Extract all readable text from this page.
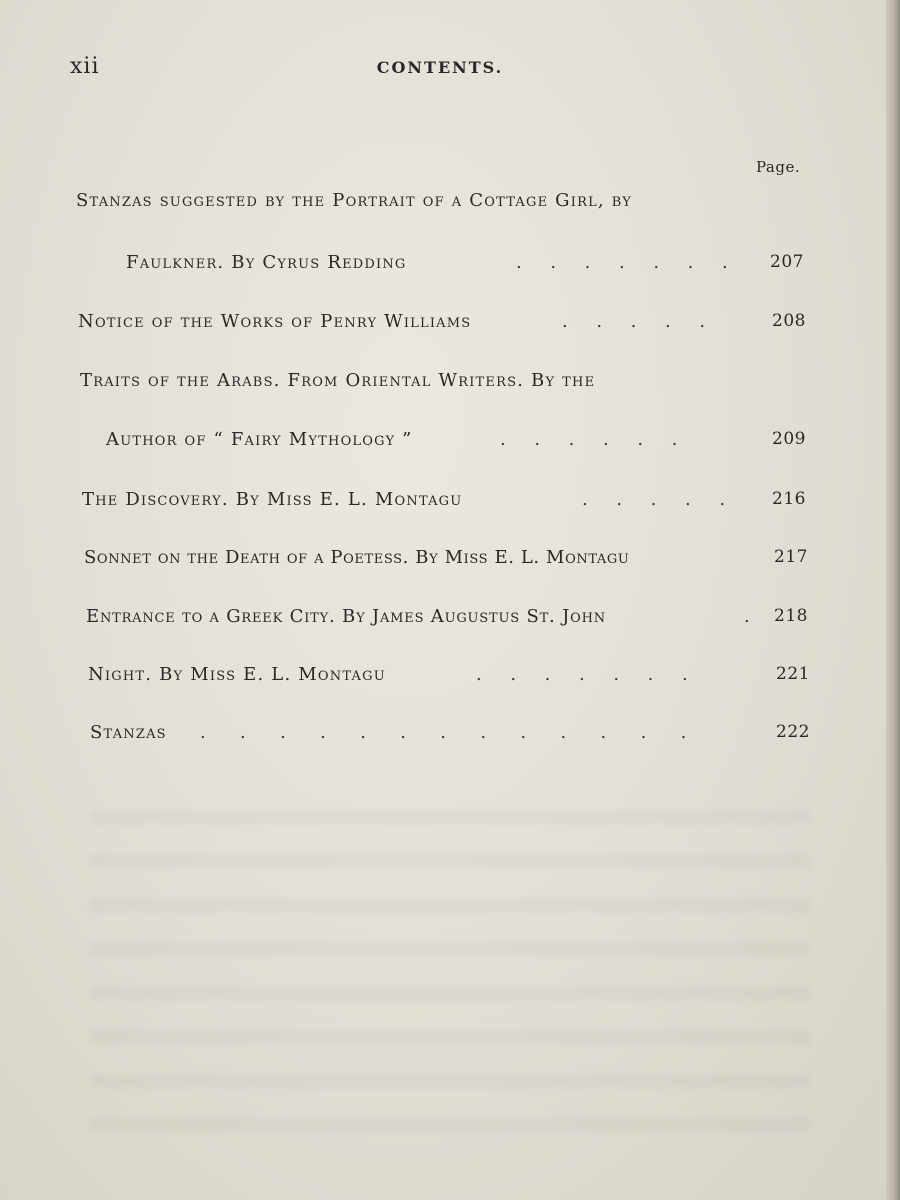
xii	CONTENTS.
Page.
Stanzas suggested by the Portrait of a Cottage Girl, by
Faulkner. By Cyrus Redding	.     .     .     .     .     .     .	207
Notice of the Works of Penry Williams	.     .     .     .     .	208
Traits of the Arabs. From Oriental Writers. By the
Author of “ Fairy Mythology ”	.     .     .     .     .     .	209
The Discovery. By Miss E. L. Montagu	.     .     .     .     .	216
Sonnet on the Death of a Poetess. By Miss E. L. Montagu	217
Entrance to a Greek City. By James Augustus St. John	.	218
Night. By Miss E. L. Montagu	.     .     .     .     .     .     .	221
Stanzas .      .      .      .      .      .      .      .      .      .      .      .      .	222
